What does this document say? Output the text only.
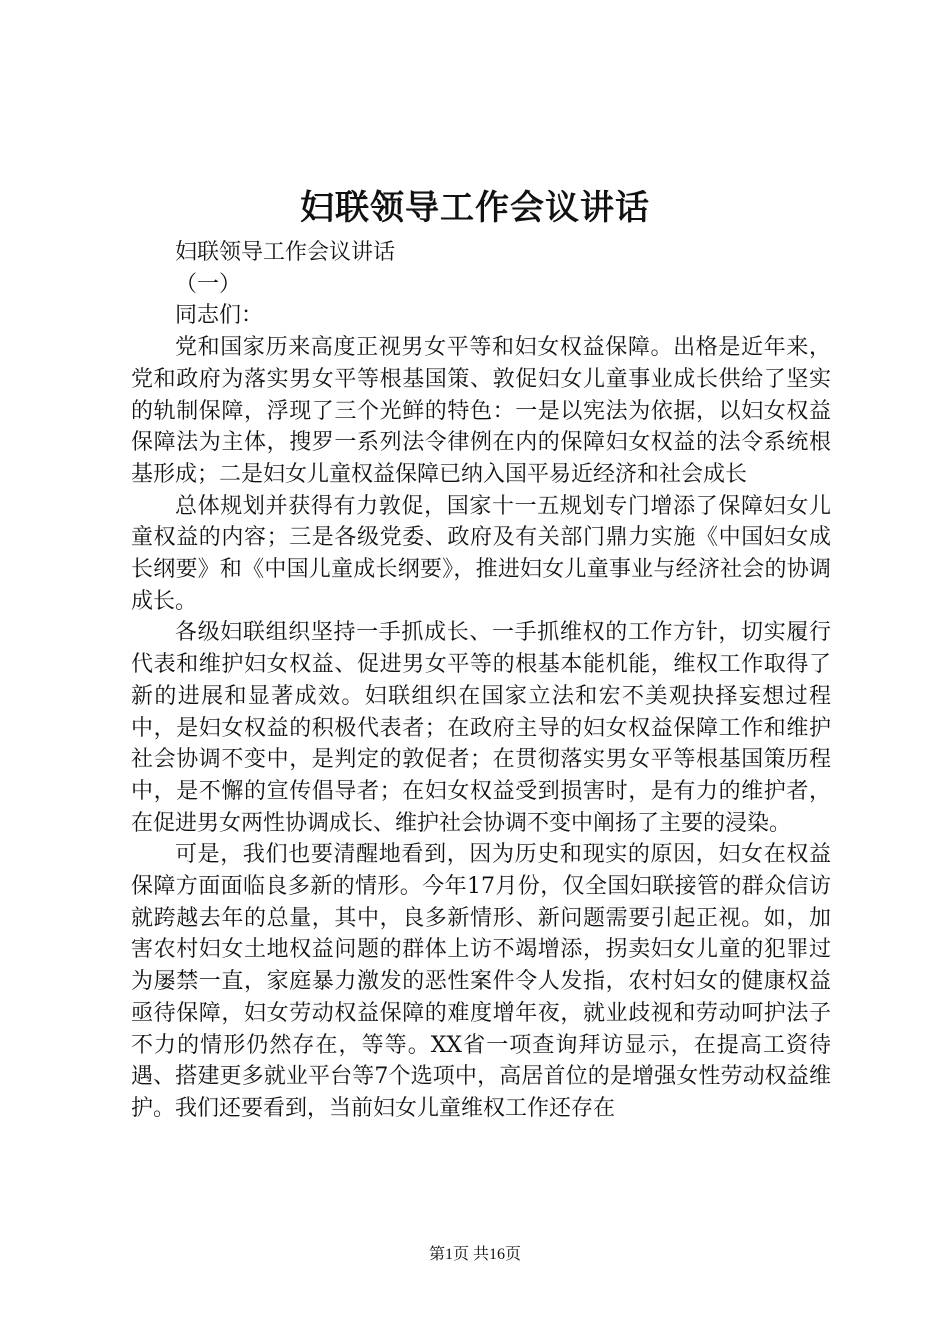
妇联领导工作会议讲话

妇联领导工作会议讲话

（一）

同志们：

党和国家历来高度正视男女平等和妇女权益保障。出格是近年来，党和政府为落实男女平等根基国策、敦促妇女儿童事业成长供给了坚实的轨制保障，浮现了三个光鲜的特色：一是以宪法为依据，以妇女权益保障法为主体，搜罗一系列法令律例在内的保障妇女权益的法令系统根基形成；二是妇女儿童权益保障已纳入国平易近经济和社会成长

总体规划并获得有力敦促，国家十一五规划专门增添了保障妇女儿童权益的内容；三是各级党委、政府及有关部门鼎力实施《中国妇女成长纲要》和《中国儿童成长纲要》，推进妇女儿童事业与经济社会的协调成长。

各级妇联组织坚持一手抓成长、一手抓维权的工作方针，切实履行代表和维护妇女权益、促进男女平等的根基本能机能，维权工作取得了新的进展和显著成效。妇联组织在国家立法和宏不美观抉择妄想过程中，是妇女权益的积极代表者；在政府主导的妇女权益保障工作和维护社会协调不变中，是判定的敦促者；在贯彻落实男女平等根基国策历程中，是不懈的宣传倡导者；在妇女权益受到损害时，是有力的维护者，在促进男女两性协调成长、维护社会协调不变中阐扬了主要的浸染。

可是，我们也要清醒地看到，因为历史和现实的原因，妇女在权益保障方面面临良多新的情形。今年17月份，仅全国妇联接管的群众信访就跨越去年的总量，其中，良多新情形、新问题需要引起正视。如，加害农村妇女土地权益问题的群体上访不竭增添，拐卖妇女儿童的犯罪过为屡禁一直，家庭暴力激发的恶性案件令人发指，农村妇女的健康权益亟待保障，妇女劳动权益保障的难度增年夜，就业歧视和劳动呵护法子不力的情形仍然存在，等等。XX省一项查询拜访显示，在提高工资待遇、搭建更多就业平台等7个选项中，高居首位的是增强女性劳动权益维护。我们还要看到，当前妇女儿童维权工作还存在

第1页 共16页
